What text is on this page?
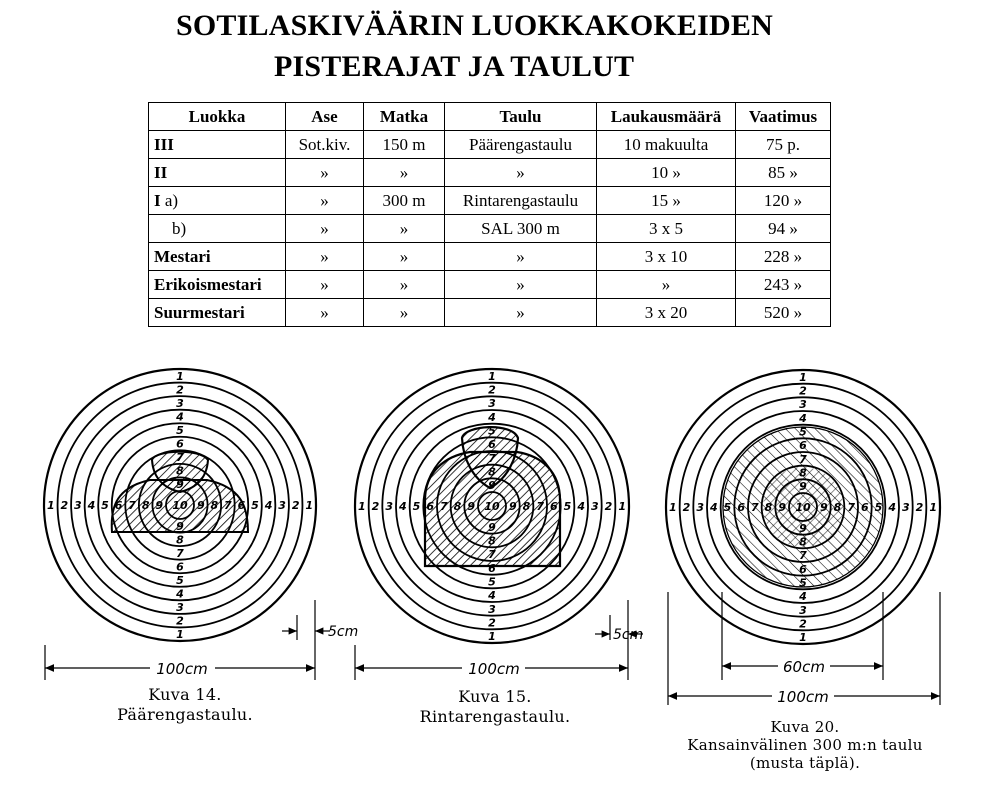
SOTILASKIVÄÄRIN LUOKKAKOKEIDEN
PISTERAJAT JA TAULUT
Luokka	Ase	Matka	Taulu	Laukausmäärä	Vaatimus
III	Sot.kiv.	150 m	Päärengastaulu	10 makuulta	75 p.
II	»	»	»	10 »	85 »
I a)	»	300 m	Rintarengastaulu	15 »	120 »
b)	»	»	SAL 300 m	3 x 5	94 »
Mestari	»	»	»	3 x 10	228 »
Erikoismestari	»	»	»	»	243 »
Suurmestari	»	»	»	3 x 20	520 »
1
1
1	1
2
2
2	2
3
3
3	3
4
4
4	4
5
5
5	5
6
6
6	6
7
7
7	7
8
8
8	8
9
9
9	9
10
100cm
5cm
1
1
1	1
2
2
2	2
3
3
3	3
4
4
4	4
5
5
5	5
6
6
6	6
7
7
7	7
8
8
8	8
9
9
9	9
10
100cm
5cm
1
1
1	1
2
2
2	2
3
3
3	3
4
4
4	4
5
5
5	5
6
6
6	6
7
7
7	7
8
8
8	8
9
9
9	9
10
60cm
100cm
Kuva 14.
Päärengastaulu.
Kuva 15.
Rintarengastaulu.
Kuva 20.
Kansainvälinen 300 m:n taulu
(musta täplä).
